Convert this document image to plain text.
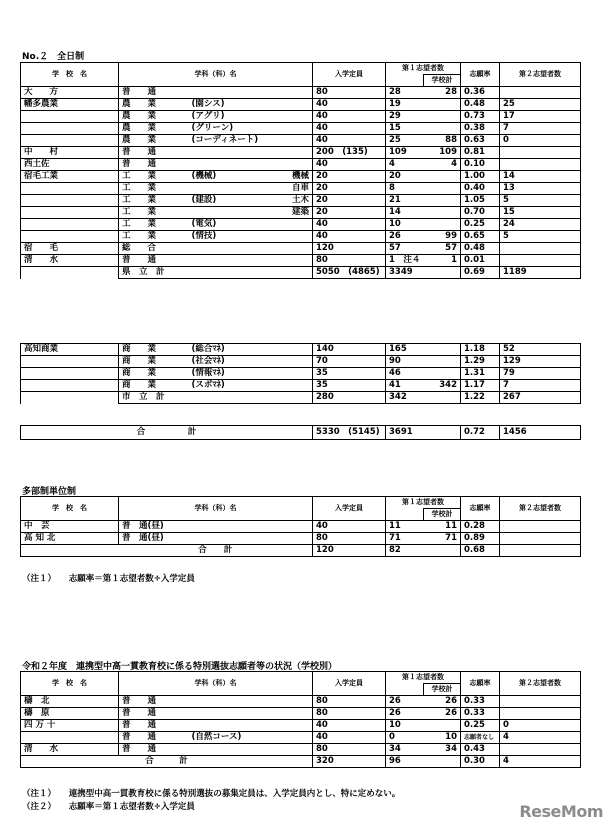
No.２　全日制

学　校　名	学科（科）名		入学定員	第１志望者数		志願率	第２志望者数
					学校計		
大　　方	普　　通		80	28	28	0.36	
幡多農業	農　　業	(園シス)	40	19		0.48	25
	農　　業	(アグリ)	40	29		0.73	17
	農　　業	(グリーン)	40	15		0.38	7
	農　　業	(コーディネート)	40	25	88	0.63	0
中　　村	普　　通		200　(135)	109	109	0.81	
西土佐	普　　通		40	4	4	0.10	
宿毛工業	工　　業	(機械) 機械	20	20		1.00	14
	工　　業	自車	20	8		0.40	13
	工　　業	(建設) 土木	20	21		1.05	5
	工　　業	建築	20	14		0.70	15
	工　　業	(電気)	40	10		0.25	24
	工　　業	(情技)	40	26	99	0.65	5
宿　　毛	総　　合		120	57	57	0.48	
清　　水	普　　通		80	1　注４	1	0.01	
	県　立　計		5050　(4865)	3349		0.69	1189
高知商業	商　　業	(総合ﾏﾈ)	140	165		1.18	52
	商　　業	(社会ﾏﾈ)	70	90		1.29	129
	商　　業	(情報ﾏﾈ)	35	46		1.31	79
	商　　業	(スポﾏﾈ)	35	41	342	1.17	7
	市　立　計		280	342		1.22	267
合　　　　　計	5330　(5145)	3691		0.72	1456

多部制単位制

学　校　名	学科（科）名		入学定員	第１志望者数		志願率	第２志望者数
					学校計		
中　芸	普　通(昼)		40	11	11	0.28	
高 知 北	普　通(昼)		80	71	71	0.89	
	合　　計		120	82		0.68	

（注１）　　志願率＝第１志望者数÷入学定員

令和２年度　連携型中高一貫教育校に係る特別選抜志願者等の状況（学校別）

学　校　名	学科（科）名		入学定員	第１志望者数		志願率	第２志望者数
					学校計		
檮　北	普　　通		80	26	26	0.33	
檮　原	普　　通		80	26	26	0.33	
四 万 十	普　　通		40	10		0.25	0
	普　　通	(自然コース)	40	0	10	志願者なし	4
清　　水	普　　通		80	34	34	0.43	
合　　　計			320	96		0.30	4

（注１）　　連携型中高一貫教育校に係る特別選抜の募集定員は、入学定員内とし、特に定めない。

（注２）　　志願率＝第１志望者数÷入学定員	ReseMom
